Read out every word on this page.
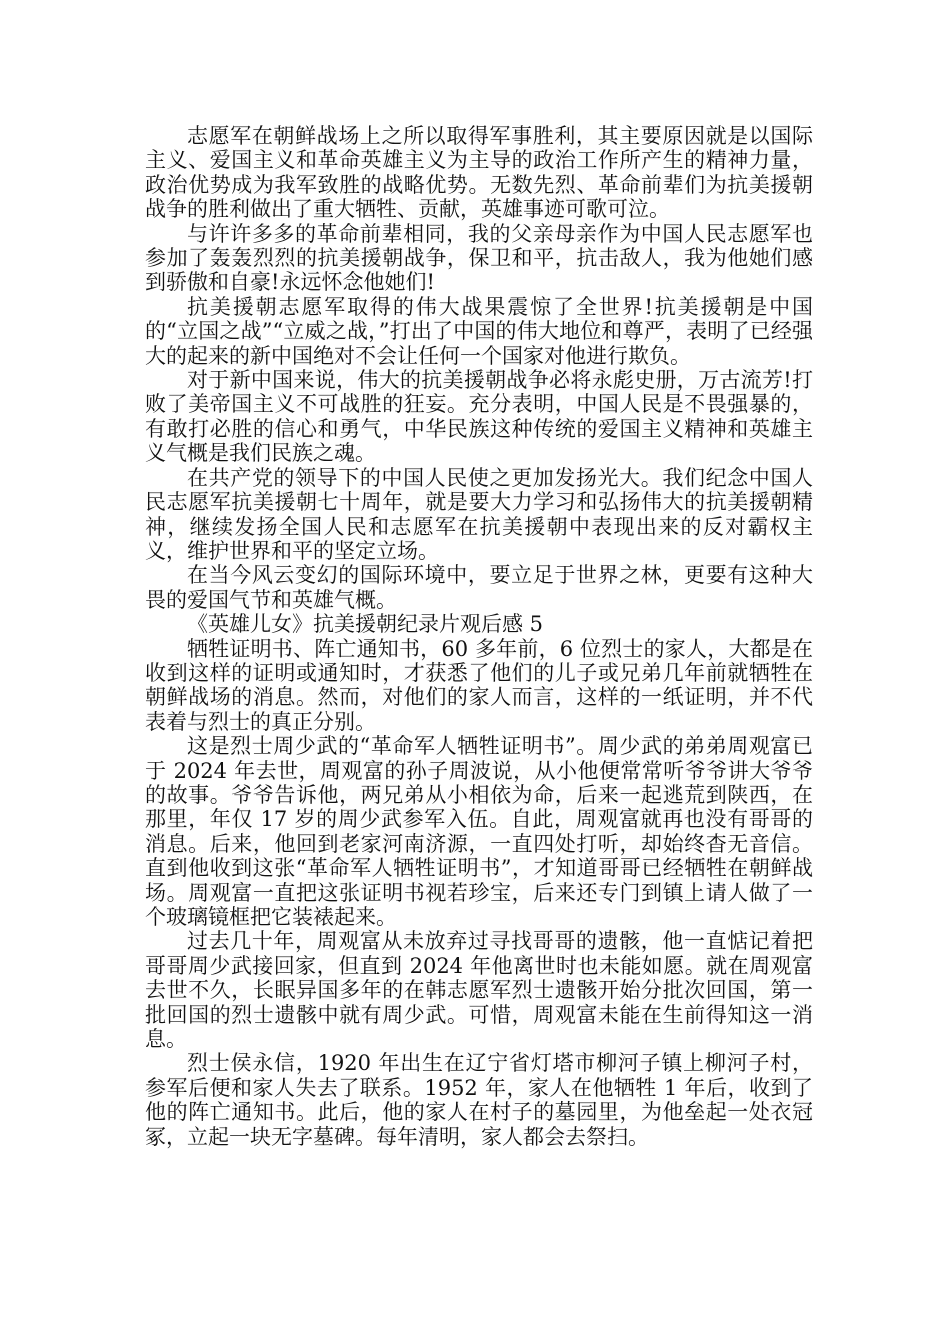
志愿军在朝鲜战场上之所以取得军事胜利，其主要原因就是以国际主义、爱国主义和革命英雄主义为主导的政治工作所产生的精神力量，政治优势成为我军致胜的战略优势。无数先烈、革命前辈们为抗美援朝战争的胜利做出了重大牺牲、贡献，英雄事迹可歌可泣。

与许许多多的革命前辈相同，我的父亲母亲作为中国人民志愿军也参加了轰轰烈烈的抗美援朝战争，保卫和平，抗击敌人，我为他她们感到骄傲和自豪!永远怀念他她们!

抗美援朝志愿军取得的伟大战果震惊了全世界!抗美援朝是中国的“立国之战”“立威之战，”打出了中国的伟大地位和尊严，表明了已经强大的起来的新中国绝对不会让任何一个国家对他进行欺负。

对于新中国来说，伟大的抗美援朝战争必将永彪史册，万古流芳!打败了美帝国主义不可战胜的狂妄。充分表明，中国人民是不畏强暴的，有敢打必胜的信心和勇气，中华民族这种传统的爱国主义精神和英雄主义气概是我们民族之魂。

在共产党的领导下的中国人民使之更加发扬光大。我们纪念中国人民志愿军抗美援朝七十周年，就是要大力学习和弘扬伟大的抗美援朝精神，继续发扬全国人民和志愿军在抗美援朝中表现出来的反对霸权主义，维护世界和平的坚定立场。

在当今风云变幻的国际环境中，要立足于世界之林，更要有这种大畏的爱国气节和英雄气概。

《英雄儿女》抗美援朝纪录片观后感 5

牺牲证明书、阵亡通知书，60 多年前，6 位烈士的家人，大都是在收到这样的证明或通知时，才获悉了他们的儿子或兄弟几年前就牺牲在朝鲜战场的消息。然而，对他们的家人而言，这样的一纸证明，并不代表着与烈士的真正分别。

这是烈士周少武的“革命军人牺牲证明书”。周少武的弟弟周观富已于 2024 年去世，周观富的孙子周波说，从小他便常常听爷爷讲大爷爷的故事。爷爷告诉他，两兄弟从小相依为命，后来一起逃荒到陕西，在那里，年仅 17 岁的周少武参军入伍。自此，周观富就再也没有哥哥的消息。后来，他回到老家河南济源，一直四处打听，却始终杳无音信。直到他收到这张“革命军人牺牲证明书”，才知道哥哥已经牺牲在朝鲜战场。周观富一直把这张证明书视若珍宝，后来还专门到镇上请人做了一个玻璃镜框把它装裱起来。

过去几十年，周观富从未放弃过寻找哥哥的遗骸，他一直惦记着把哥哥周少武接回家，但直到 2024 年他离世时也未能如愿。就在周观富去世不久，长眠异国多年的在韩志愿军烈士遗骸开始分批次回国，第一批回国的烈士遗骸中就有周少武。可惜，周观富未能在生前得知这一消息。

烈士侯永信，1920 年出生在辽宁省灯塔市柳河子镇上柳河子村，参军后便和家人失去了联系。1952 年，家人在他牺牲 1 年后，收到了他的阵亡通知书。此后，他的家人在村子的墓园里，为他垒起一处衣冠冢，立起一块无字墓碑。每年清明，家人都会去祭扫。
